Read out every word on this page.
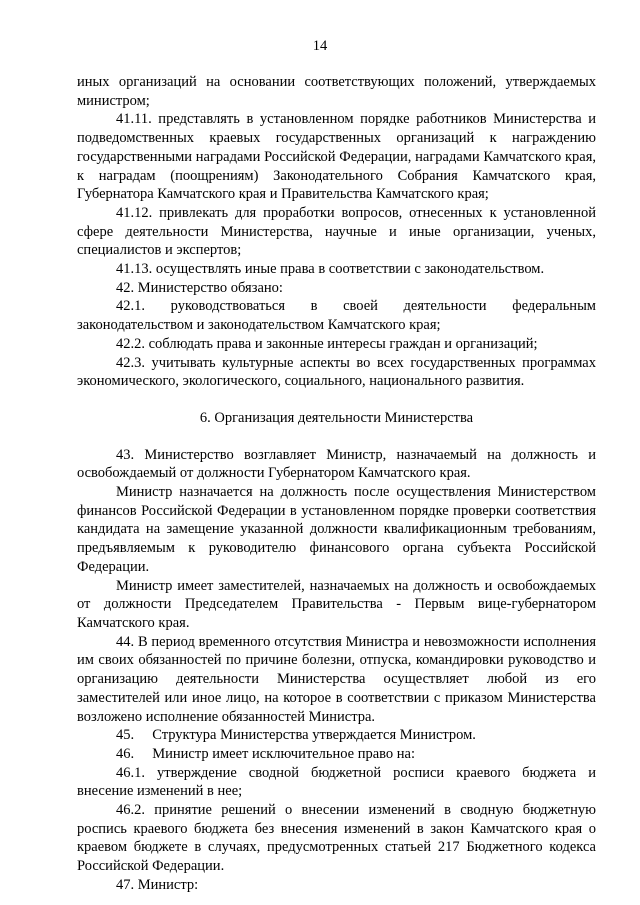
14

иных организаций на основании соответствующих положений, утверждаемых министром;

41.11. представлять в установленном порядке работников Министерства и подведомственных краевых государственных организаций к награждению государственными наградами Российской Федерации, наградами Камчатского края, к наградам (поощрениям) Законодательного Собрания Камчатского края, Губернатора Камчатского края и Правительства Камчатского края;

41.12. привлекать для проработки вопросов, отнесенных к установленной сфере деятельности Министерства, научные и иные организации, ученых, специалистов и экспертов;

41.13. осуществлять иные права в соответствии с законодательством.

42. Министерство обязано:

42.1. руководствоваться в своей деятельности федеральным законодательством и законодательством Камчатского края;

42.2. соблюдать права и законные интересы граждан и организаций;

42.3. учитывать культурные аспекты во всех государственных программах экономического, экологического, социального, национального развития.

6. Организация деятельности Министерства

43. Министерство возглавляет Министр, назначаемый на должность и освобождаемый от должности Губернатором Камчатского края.

Министр назначается на должность после осуществления Министерством финансов Российской Федерации в установленном порядке проверки соответствия кандидата на замещение указанной должности квалификационным требованиям, предъявляемым к руководителю финансового органа субъекта Российской Федерации.

Министр имеет заместителей, назначаемых на должность и освобождаемых от должности Председателем Правительства - Первым вице-губернатором Камчатского края.

44. В период временного отсутствия Министра и невозможности исполнения им своих обязанностей по причине болезни, отпуска, командировки руководство и организацию деятельности Министерства осуществляет любой из его заместителей или иное лицо, на которое в соответствии с приказом Министерства возложено исполнение обязанностей Министра.

45.  Структура Министерства утверждается Министром.

46.  Министр имеет исключительное право на:

46.1. утверждение сводной бюджетной росписи краевого бюджета и внесение изменений в нее;

46.2. принятие решений о внесении изменений в сводную бюджетную роспись краевого бюджета без внесения изменений в закон Камчатского края о краевом бюджете в случаях, предусмотренных статьей 217 Бюджетного кодекса Российской Федерации.

47. Министр:
